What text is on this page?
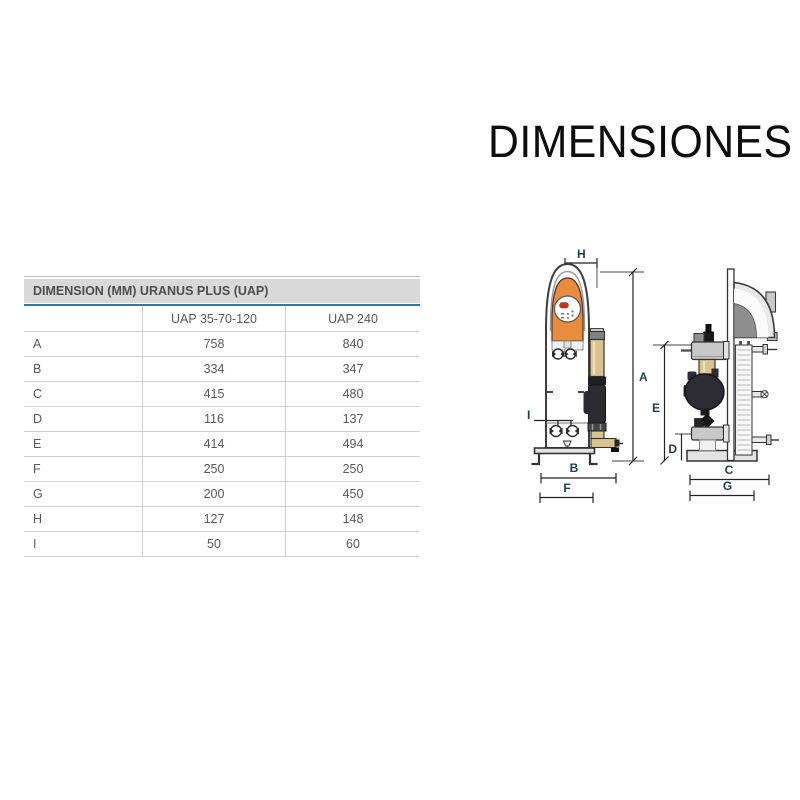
DIMENSIONES
DIMENSION (MM) URANUS PLUS (UAP)
	UAP 35-70-120	UAP 240
A	758	840
B	334	347
C	415	480
D	116	137
E	414	494
F	250	250
G	200	450
H	127	148
I	50	60
A
H
I
B
F
E
D
C
G
